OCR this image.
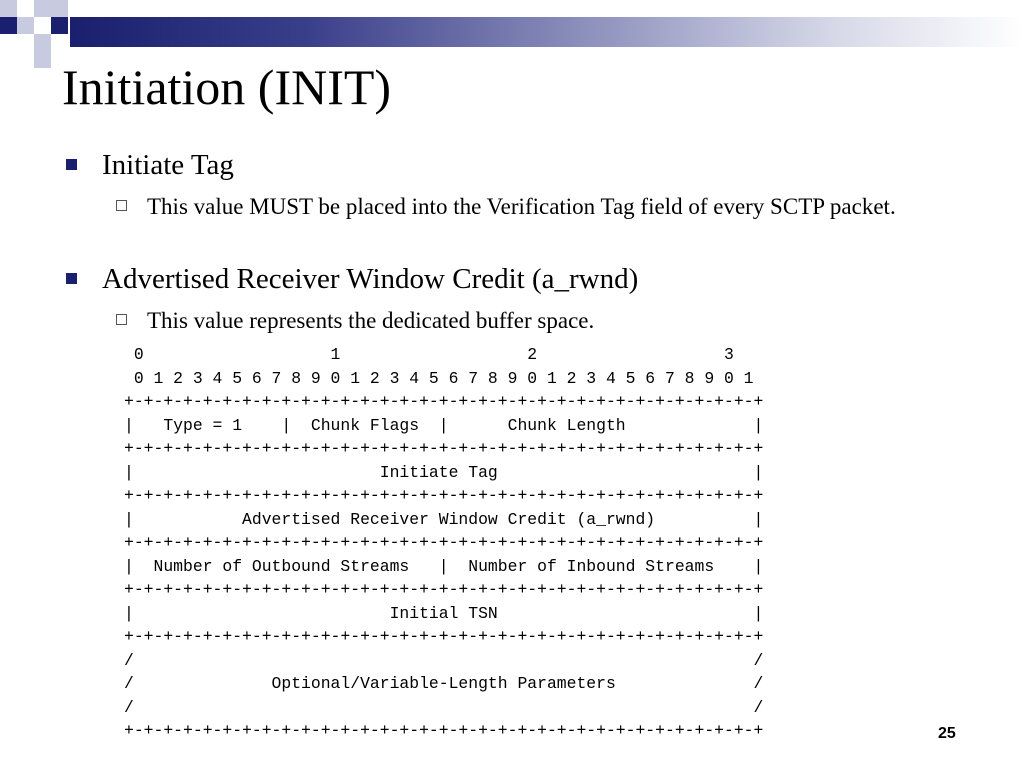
Initiation (INIT)
Initiate Tag
This value MUST be placed into the Verification Tag field of every SCTP packet.
Advertised Receiver Window Credit (a_rwnd)
This value represents the dedicated buffer space.
0                   1                   2                   3
0 1 2 3 4 5 6 7 8 9 0 1 2 3 4 5 6 7 8 9 0 1 2 3 4 5 6 7 8 9 0 1
+-+-+-+-+-+-+-+-+-+-+-+-+-+-+-+-+-+-+-+-+-+-+-+-+-+-+-+-+-+-+-+-+
|   Type = 1    |  Chunk Flags  |      Chunk Length             |
+-+-+-+-+-+-+-+-+-+-+-+-+-+-+-+-+-+-+-+-+-+-+-+-+-+-+-+-+-+-+-+-+
|                         Initiate Tag                          |
+-+-+-+-+-+-+-+-+-+-+-+-+-+-+-+-+-+-+-+-+-+-+-+-+-+-+-+-+-+-+-+-+
|           Advertised Receiver Window Credit (a_rwnd)          |
+-+-+-+-+-+-+-+-+-+-+-+-+-+-+-+-+-+-+-+-+-+-+-+-+-+-+-+-+-+-+-+-+
|  Number of Outbound Streams   |  Number of Inbound Streams    |
+-+-+-+-+-+-+-+-+-+-+-+-+-+-+-+-+-+-+-+-+-+-+-+-+-+-+-+-+-+-+-+-+
|                          Initial TSN                          |
+-+-+-+-+-+-+-+-+-+-+-+-+-+-+-+-+-+-+-+-+-+-+-+-+-+-+-+-+-+-+-+-+
/                                                               /
/              Optional/Variable-Length Parameters              /
/                                                               /
+-+-+-+-+-+-+-+-+-+-+-+-+-+-+-+-+-+-+-+-+-+-+-+-+-+-+-+-+-+-+-+-+	25
